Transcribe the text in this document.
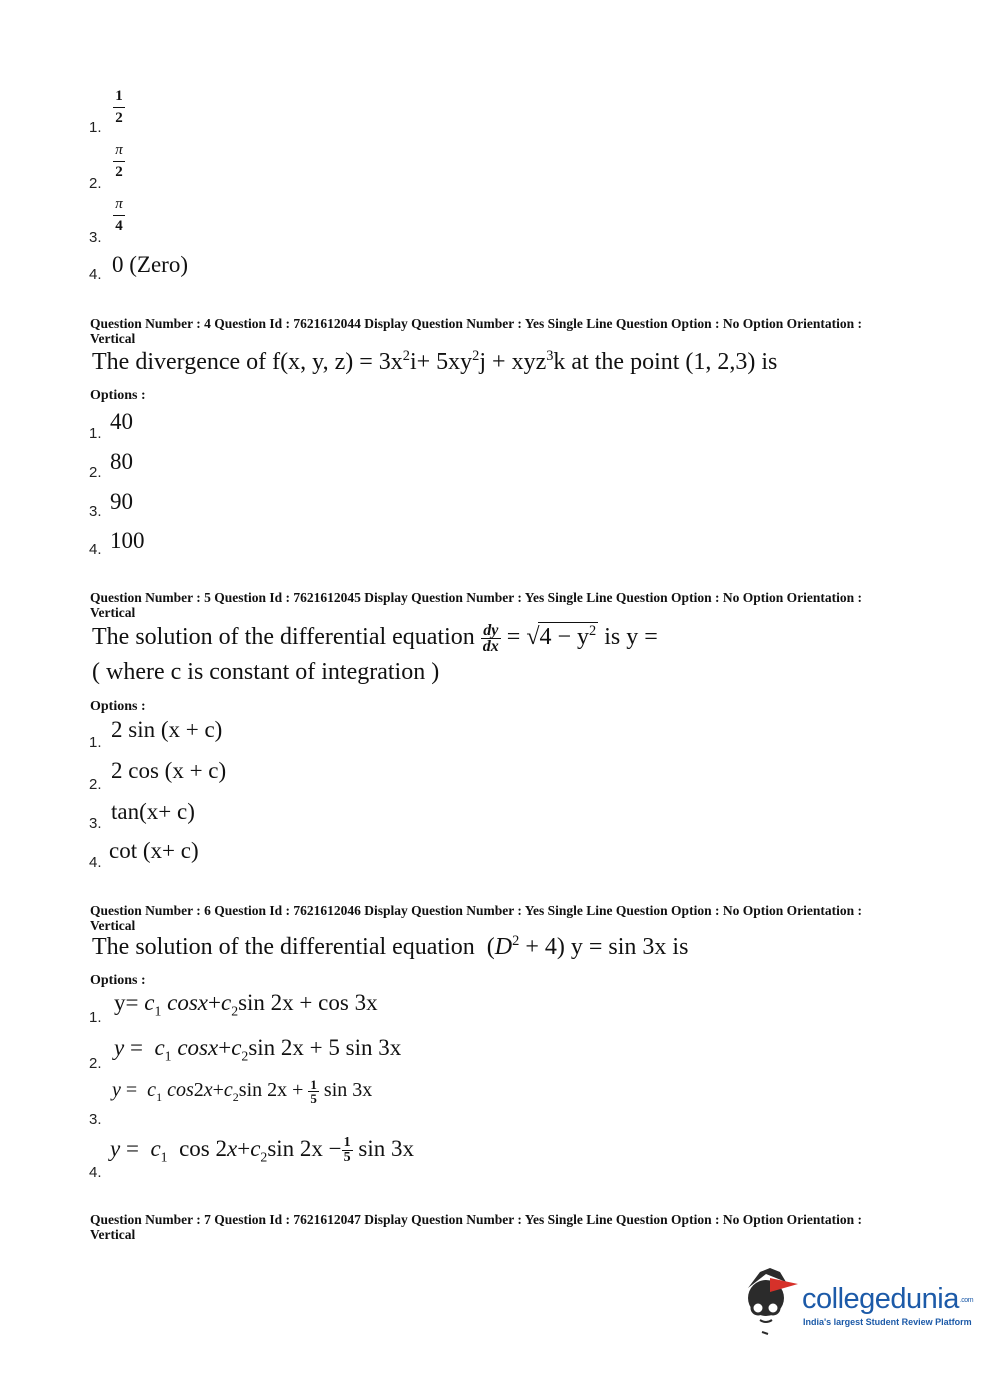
1
2
1.
π
2
2.
π
4
3.
4. 0 (Zero)
Question Number : 4 Question Id : 7621612044 Display Question Number : Yes Single Line Question Option : No Option Orientation : Vertical
The divergence of f(x, y, $z) = 3x^2i+ 5xy^2j + xyz^3k$ at the point (1, 2,3) is
Options :
1. 40
2. 80
3. 90
4. 100
Question Number : 5 Question Id : 7621612045 Display Question Number : Yes Single Line Question Option : No Option Orientation : Vertical
The solution of the differential equation $\frac{dy}{dx} = √4 - y^2$ is y =
( where c is constant of integration )
Options :
1.
2 sin (x + c)
2.
2 cos (x + c)
3. tan(x+ c)
4. cot (x+ c)
Question Number : 6 Question Id : 7621612046 Display Question Number : Yes Single Line Question Option : No Option Orientation : Vertical
The solution of the differential equation  $(D^2 + 4) y = \sin 3x$ is
Options :
1.
$y= c_1$ $\cos x+c_2\sin$ 2x + cos 3x
2.
$y = c_1$ $\cos x+c_2\sin$ 2x + 5 sin 3x
3.
$y = c_1$ $\cos 2x+c_2\sin$ $2x + \frac{1}{5}$ sin 3x
4.
$y = c_1$  $\cos 2x+c_2\sin$ $2x - \frac{1}{5}$ sin 3x
Question Number : 7 Question Id : 7621612047 Display Question Number : Yes Single Line Question Option : No Option Orientation : Vertical
collegedunia.com
India's largest Student Review Platform
